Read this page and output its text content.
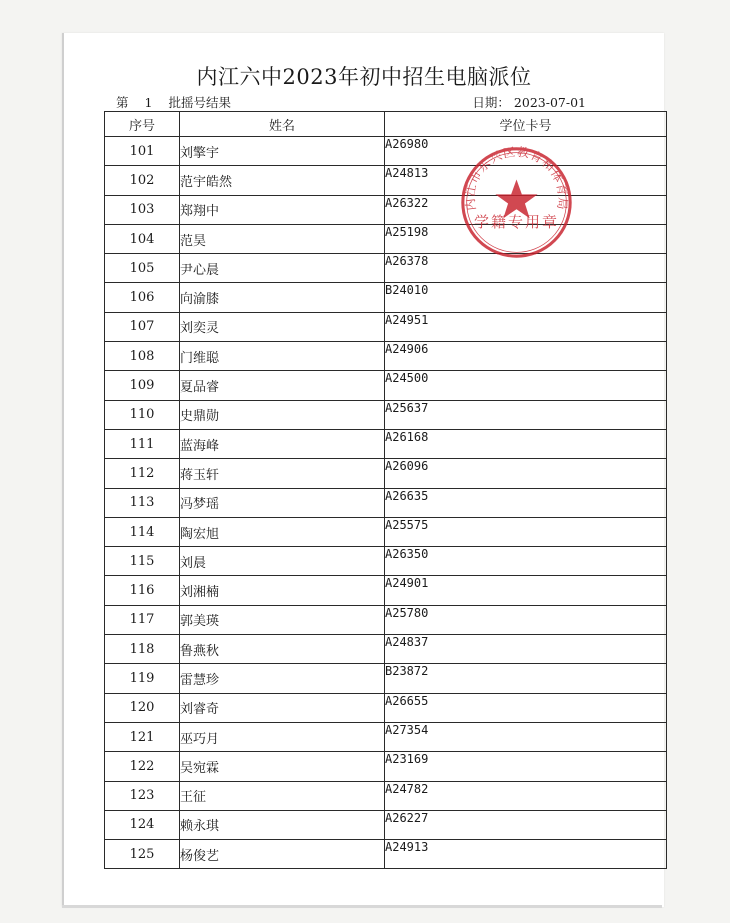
内江六中2023年初中招生电脑派位
第 1 批摇号结果	日期： 2023-07-01
序号	姓名	学位卡号
101	刘擎宇	A26980
102	范宇皓然	A24813
103	郑翔中	A26322
104	范昊	A25198
105	尹心晨	A26378
106	向渝膝	B24010
107	刘奕灵	A24951
108	门维聪	A24906
109	夏品睿	A24500
110	史鼎勋	A25637
111	蓝海峰	A26168
112	蒋玉轩	A26096
113	冯梦瑶	A26635
114	陶宏旭	A25575
115	刘晨	A26350
116	刘湘楠	A24901
117	郭美瑛	A25780
118	鲁燕秋	A24837
119	雷慧珍	B23872
120	刘睿奇	A26655
121	巫巧月	A27354
122	吴宛霖	A23169
123	王征	A24782
124	赖永琪	A26227
125	杨俊艺	A24913
内江市东兴区教育和体育局
学籍专用章
